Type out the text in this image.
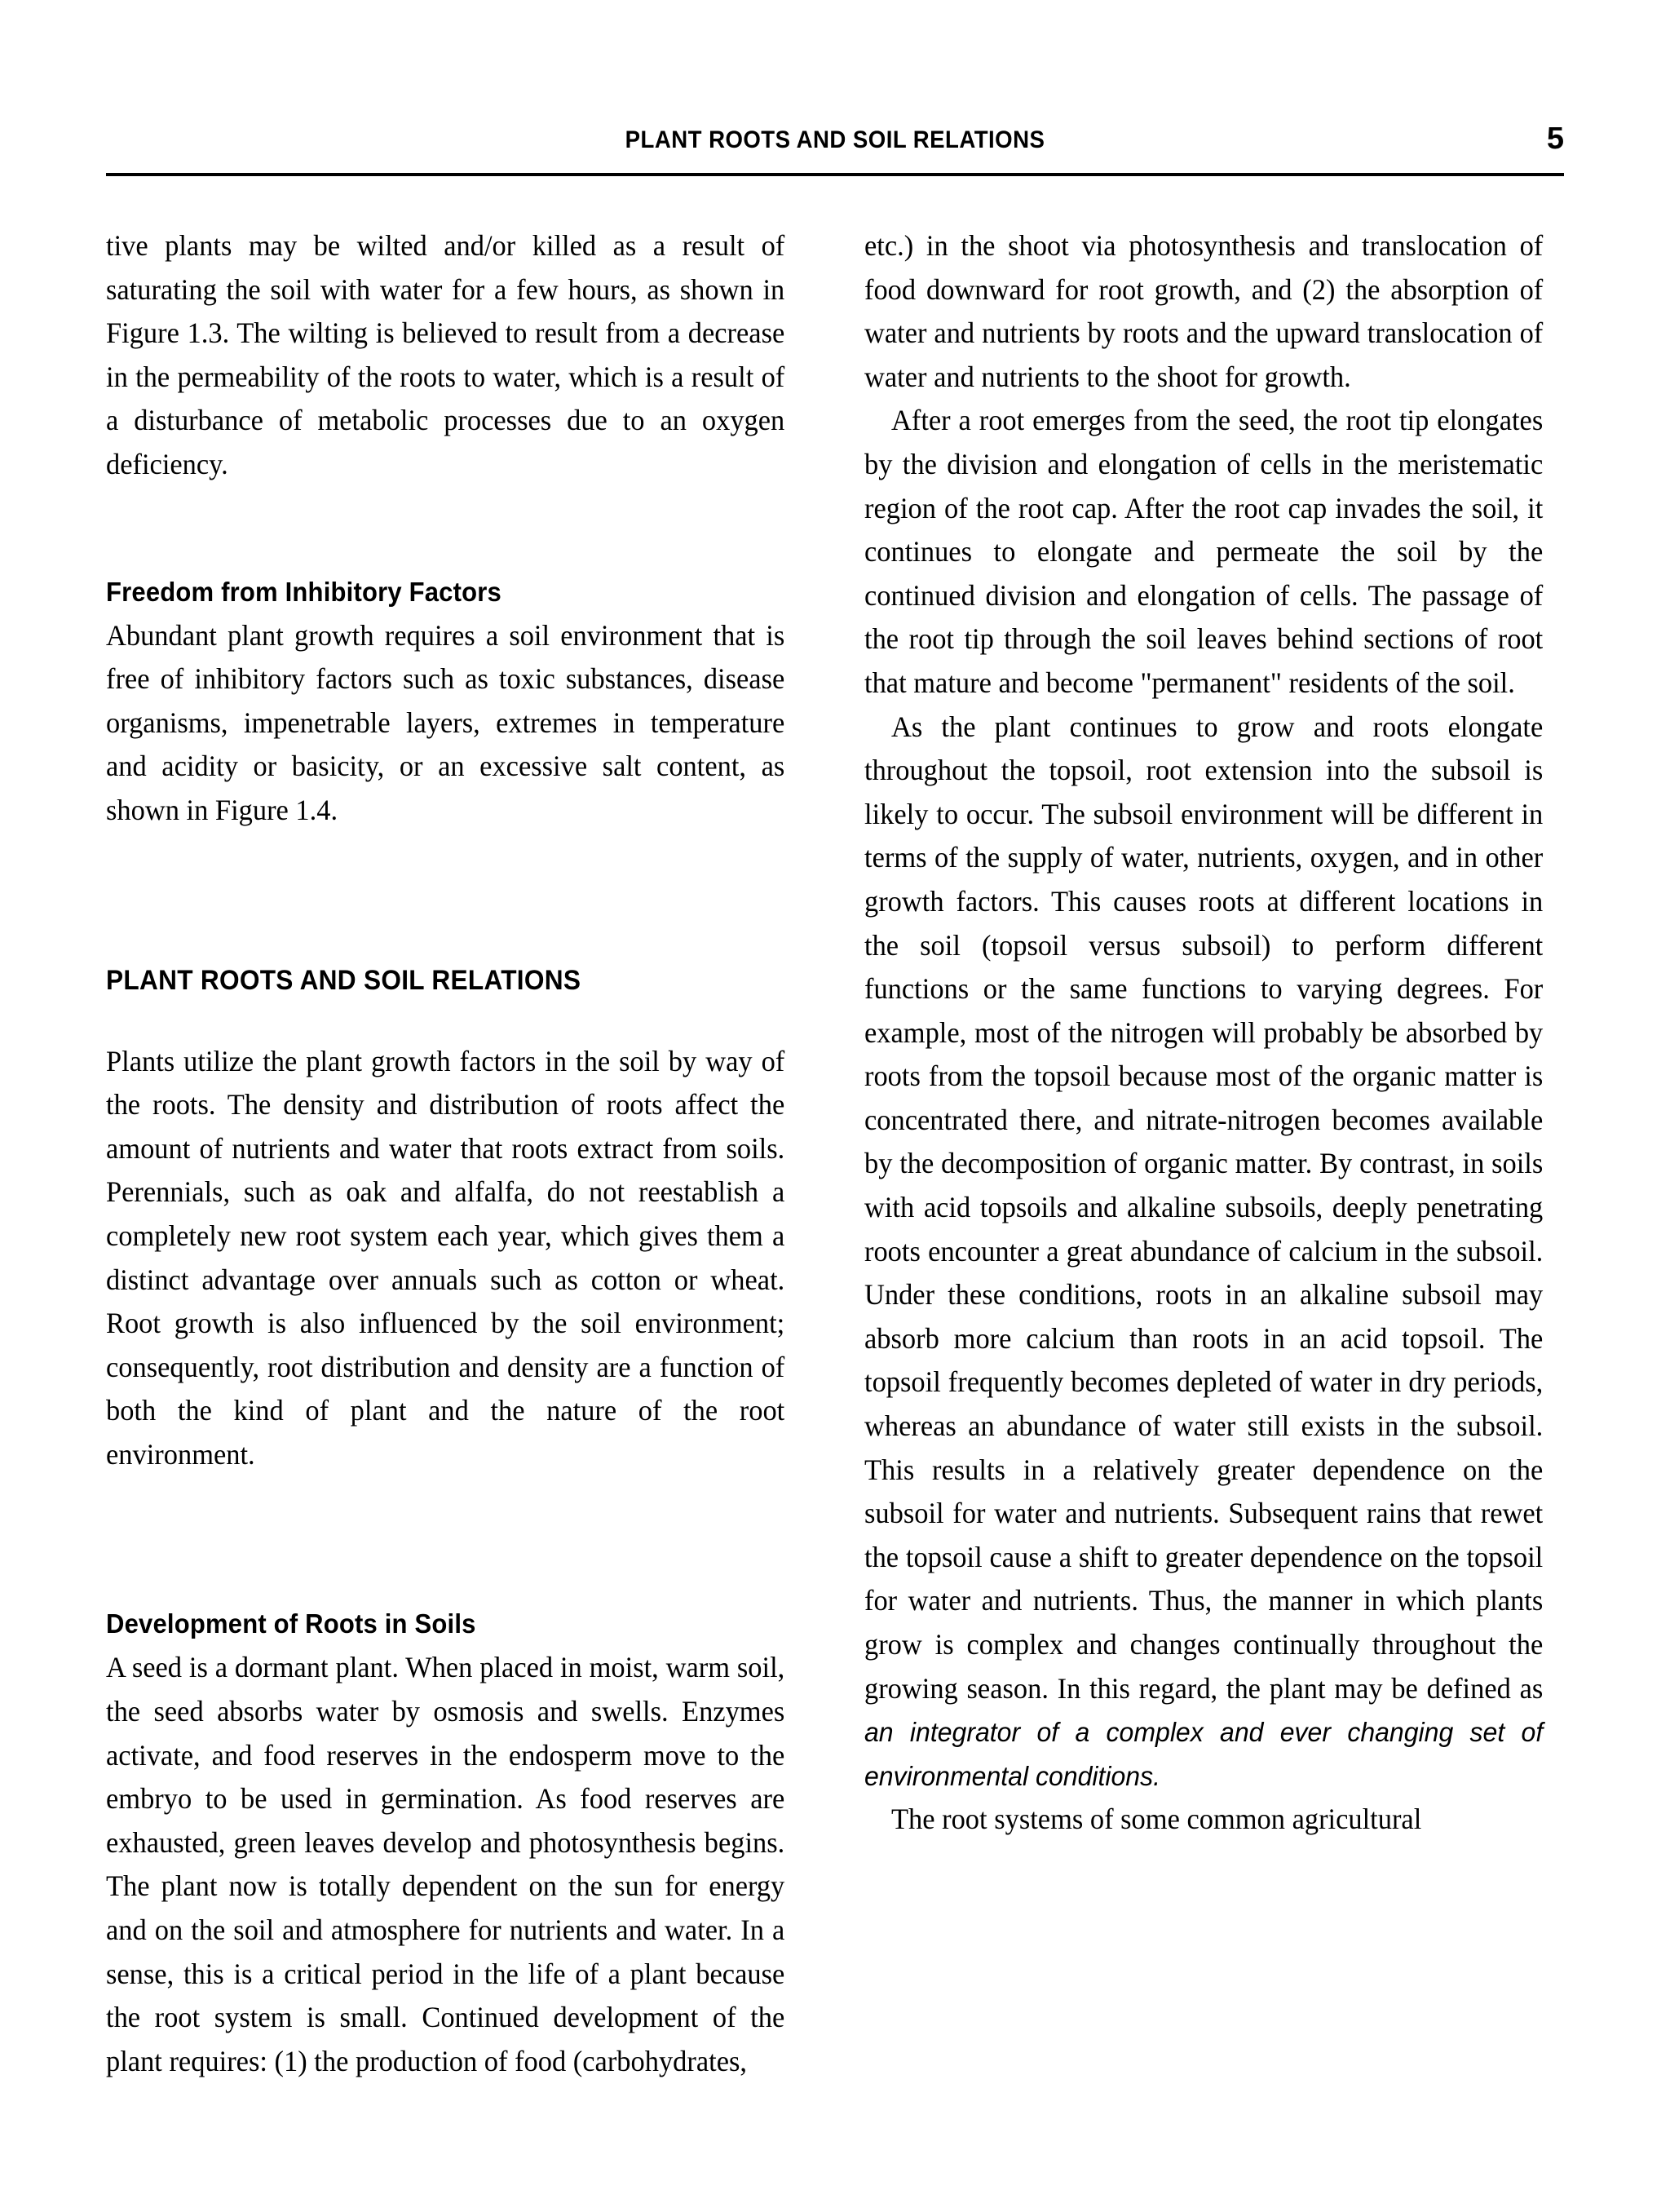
PLANT ROOTS AND SOIL RELATIONS	5

tive plants may be wilted and/or killed as a result of saturating the soil with water for a few hours, as shown in Figure 1.3. The wilting is believed to result from a decrease in the permeability of the roots to water, which is a result of a disturbance of metabolic processes due to an oxygen deficiency.

Freedom from Inhibitory Factors

Abundant plant growth requires a soil environment that is free of inhibitory factors such as toxic substances, disease organisms, impenetrable layers, extremes in temperature and acidity or basicity, or an excessive salt content, as shown in Figure 1.4.

PLANT ROOTS AND SOIL RELATIONS

Plants utilize the plant growth factors in the soil by way of the roots. The density and distribution of roots affect the amount of nutrients and water that roots extract from soils. Perennials, such as oak and alfalfa, do not reestablish a completely new root system each year, which gives them a distinct advantage over annuals such as cotton or wheat. Root growth is also influenced by the soil environment; consequently, root distribution and density are a function of both the kind of plant and the nature of the root environment.

Development of Roots in Soils

A seed is a dormant plant. When placed in moist, warm soil, the seed absorbs water by osmosis and swells. Enzymes activate, and food reserves in the endosperm move to the embryo to be used in germination. As food reserves are exhausted, green leaves develop and photosynthesis begins. The plant now is totally dependent on the sun for energy and on the soil and atmosphere for nutrients and water. In a sense, this is a critical period in the life of a plant because the root system is small. Continued development of the plant requires: (1) the production of food (carbohydrates,

etc.) in the shoot via photosynthesis and translocation of food downward for root growth, and (2) the absorption of water and nutrients by roots and the upward translocation of water and nutrients to the shoot for growth.

After a root emerges from the seed, the root tip elongates by the division and elongation of cells in the meristematic region of the root cap. After the root cap invades the soil, it continues to elongate and permeate the soil by the continued division and elongation of cells. The passage of the root tip through the soil leaves behind sections of root that mature and become "permanent" residents of the soil.

As the plant continues to grow and roots elongate throughout the topsoil, root extension into the subsoil is likely to occur. The subsoil environment will be different in terms of the supply of water, nutrients, oxygen, and in other growth factors. This causes roots at different locations in the soil (topsoil versus subsoil) to perform different functions or the same functions to varying degrees. For example, most of the nitrogen will probably be absorbed by roots from the topsoil because most of the organic matter is concentrated there, and nitrate-nitrogen becomes available by the decomposition of organic matter. By contrast, in soils with acid topsoils and alkaline subsoils, deeply penetrating roots encounter a great abundance of calcium in the subsoil. Under these conditions, roots in an alkaline subsoil may absorb more calcium than roots in an acid topsoil. The topsoil frequently becomes depleted of water in dry periods, whereas an abundance of water still exists in the subsoil. This results in a relatively greater dependence on the subsoil for water and nutrients. Subsequent rains that rewet the topsoil cause a shift to greater dependence on the topsoil for water and nutrients. Thus, the manner in which plants grow is complex and changes continually throughout the growing season. In this regard, the plant may be defined as an integrator of a complex and ever changing set of environmental conditions.

The root systems of some common agricultural
